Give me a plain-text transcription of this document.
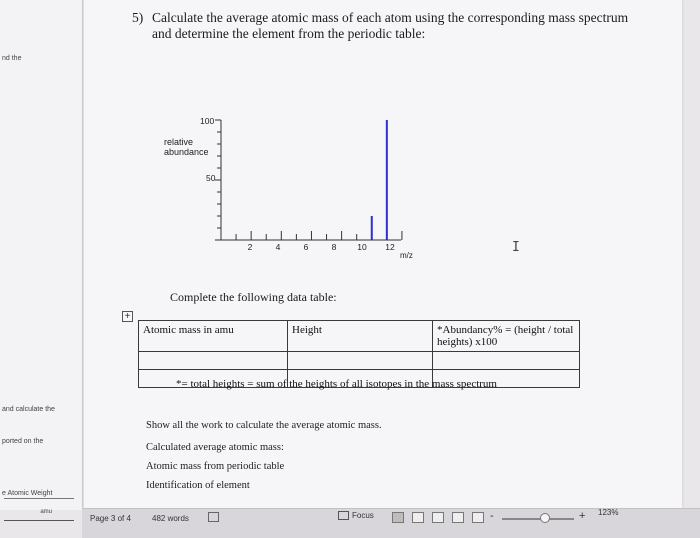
nd the
and calculate the
ported on the
e Atomic Weight
amu
5) Calculate the average atomic mass of each atom using the corresponding mass spectrum
and determine the element from the periodic table:
relative
abundance
100
50
2	4	6	8 10 12
m/z
I
Complete the following data table:
+
Atomic mass in amu	Height	*Abundancy% = (height / total heights) x100

*= total heights = sum of the heights of all isotopes in the mass spectrum
Show all the work to calculate the average atomic mass.
Calculated average atomic mass:
Atomic mass from periodic table
Identification of element
Page 3 of 4	482 words	Focus	-	+ 123%
